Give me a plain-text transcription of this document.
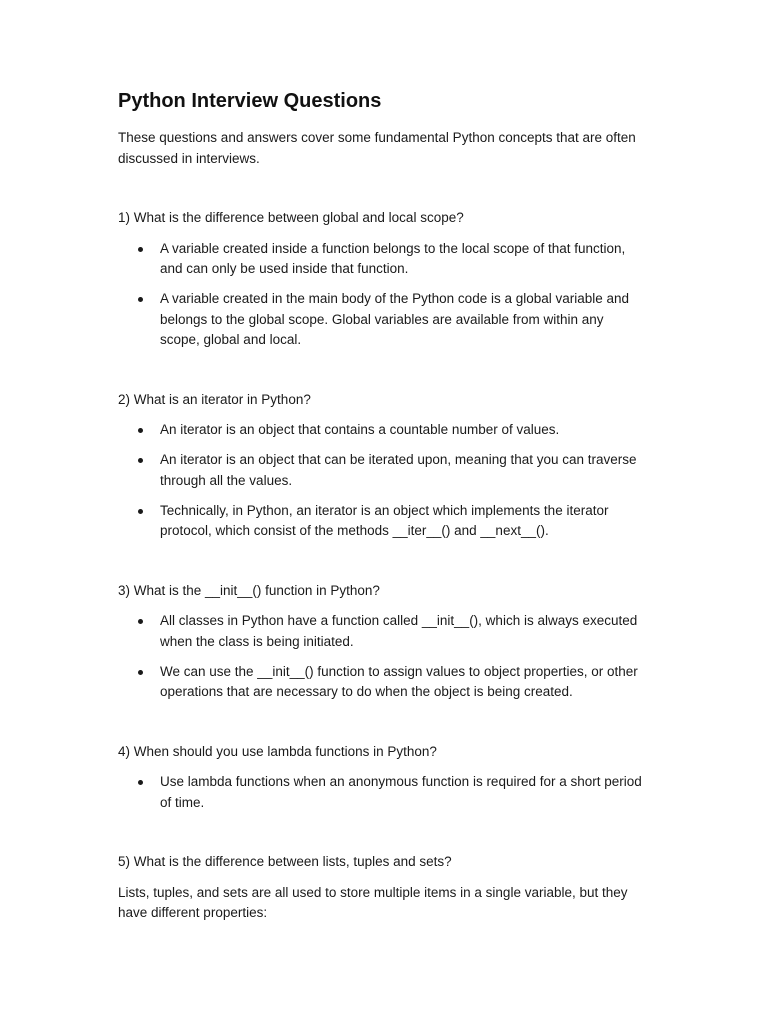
Python Interview Questions

These questions and answers cover some fundamental Python concepts that are often discussed in interviews.

1) What is the difference between global and local scope?

A variable created inside a function belongs to the local scope of that function, and can only be used inside that function.
A variable created in the main body of the Python code is a global variable and belongs to the global scope. Global variables are available from within any scope, global and local.

2) What is an iterator in Python?

An iterator is an object that contains a countable number of values.
An iterator is an object that can be iterated upon, meaning that you can traverse through all the values.
Technically, in Python, an iterator is an object which implements the iterator protocol, which consist of the methods __iter__() and __next__().

3) What is the __init__() function in Python?

All classes in Python have a function called __init__(), which is always executed when the class is being initiated.
We can use the __init__() function to assign values to object properties, or other operations that are necessary to do when the object is being created.

4) When should you use lambda functions in Python?

Use lambda functions when an anonymous function is required for a short period of time.

5) What is the difference between lists, tuples and sets?

Lists, tuples, and sets are all used to store multiple items in a single variable, but they have different properties:
